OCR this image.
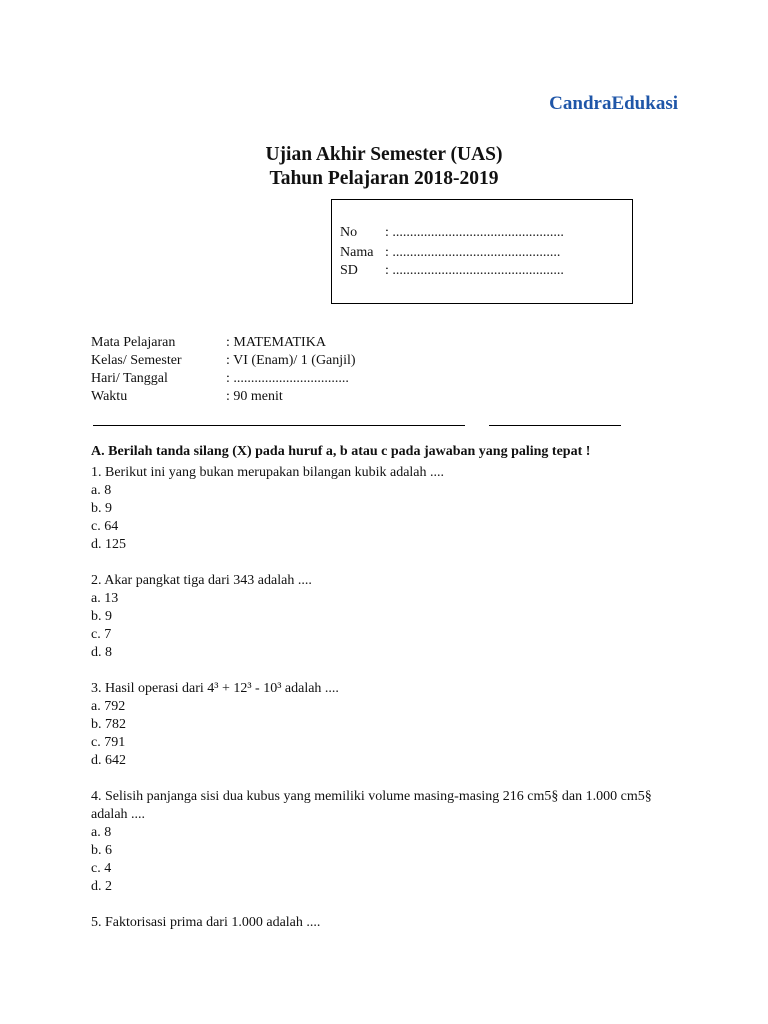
CandraEdukasi
Ujian Akhir Semester (UAS)
Tahun Pelajaran 2018-2019
No : .................................................
Nama : ................................................
SD : .................................................
Mata Pelajaran	: MATEMATIKA
Kelas/ Semester	: VI (Enam)/ 1 (Ganjil)
Hari/ Tanggal	: .................................
Waktu	: 90 menit
A. Berilah tanda silang (X) pada huruf a, b atau c pada jawaban yang paling tepat !
1. Berikut ini yang bukan merupakan bilangan kubik adalah ....
a. 8
b. 9
c. 64
d. 125
2. Akar pangkat tiga dari 343 adalah ....
a. 13
b. 9
c. 7
d. 8
3. Hasil operasi dari 4³ + 12³ - 10³ adalah ....
a. 792
b. 782
c. 791
d. 642
4. Selisih panjanga sisi dua kubus yang memiliki volume masing-masing 216 cm5§ dan 1.000 cm5§ adalah ....
a. 8
b. 6
c. 4
d. 2
5. Faktorisasi prima dari 1.000 adalah ....
